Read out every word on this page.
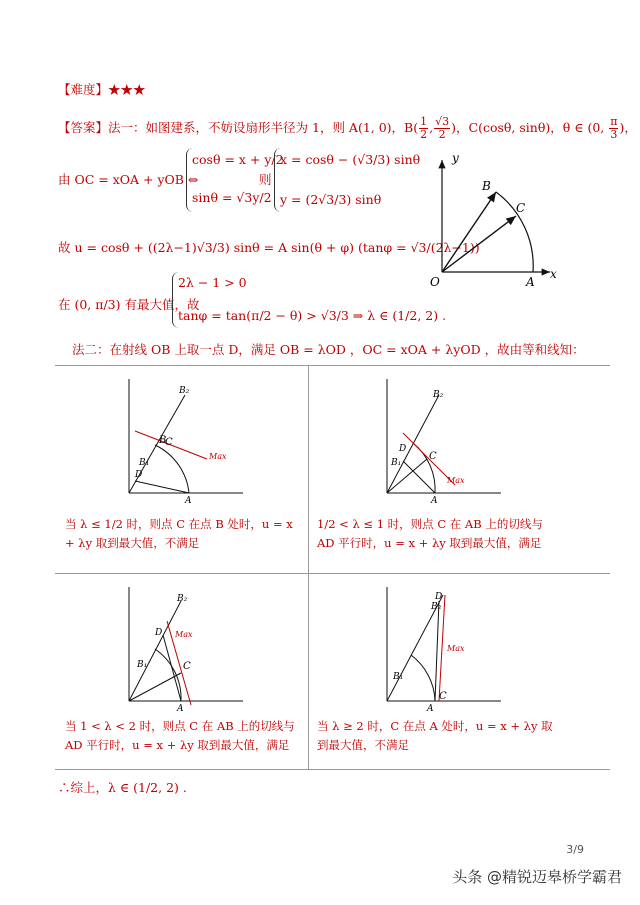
【难度】★★★
【答案】法一：如图建系，不妨设扇形半径为 1，则 A(1, 0)，$B( \frac{1}{2}$ , $\frac{√3}{2}$ )，C(cosθ, sinθ)，θ ∈ (0, $\frac{\pi}{3}$ )，
由 OC = xOA + yOB ⇔
cosθ = x + y/2
sinθ = √3y/2
则
x = cosθ − (√3/3) sinθ
y = (2√3/3) sinθ
故 u = cosθ + ((2λ−1)√3/3) sinθ = A sin(θ + φ) (tanφ = √3/(2λ−1))
在 (0, π/3) 有最大值，故
2λ − 1 > 0
tanφ = tan(π/2 − θ) > √3/3 ⇒ λ ∈ (1/2, 2) .
y
x
O	A
B
C
法二：在射线 OB 上取一点 D，满足 OB = λOD ，OC = xOA + λyOD ，故由等和线知：
Max
B
C
B₂
B₁
D
A
当 λ ≤ 1/2 时，则点 C 在点 B 处时，u = x + λy 取到最大值，不满足
Max
C
B₂
B₁
D
A
1/2 < λ ≤ 1 时，则点 C 在 AB 上的切线与 AD 平行时，u = x + λy 取到最大值，满足
Max
C
B₂
B₁
D
A
当 1 < λ < 2 时，则点 C 在 AB 上的切线与 AD 平行时，u = x + λy 取到最大值，满足
Max
C
B₂
D
B₁
A
当 λ ≥ 2 时，C 在点 A 处时，u = x + λy 取到最大值，不满足
∴综上，λ ∈ (1/2, 2) .
3/9
头条 @精锐迈皋桥学霸君
